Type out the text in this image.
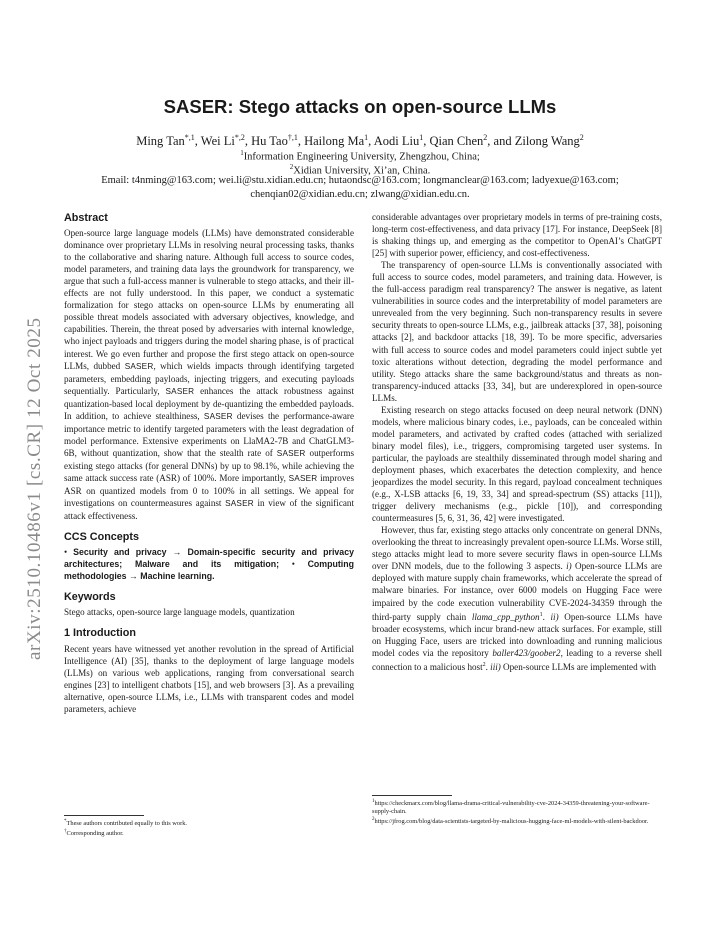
arXiv:2510.10486v1 [cs.CR] 12 Oct 2025
SASER: Stego attacks on open-source LLMs
Ming Tan$^{*,1}$, Wei $Li^{*,2}$, Hu Tao$^{\dagger,1}$, Hailong Ma$^1$, Aodi Liu$^1$, Qian Chen$^2$, and Zilong Wang$^2$
$^1$Information Engineering University, Zhengzhou, China;
$^2$Xidian University, Xi’an, China.
Email: t4nming@163.com; wei.li@stu.xidian.edu.cn; hutaondsc@163.com; longmanclear@163.com; ladyexue@163.com;
chenqian02@xidian.edu.cn; zlwang@xidian.edu.cn.
Abstract

Open-source large language models (LLMs) have demonstrated considerable dominance over proprietary LLMs in resolving neural processing tasks, thanks to the collaborative and sharing nature. Although full access to source codes, model parameters, and training data lays the groundwork for transparency, we argue that such a full-access manner is vulnerable to stego attacks, and their ill-effects are not fully understood. In this paper, we conduct a systematic formalization for stego attacks on open-source LLMs by enumerating all possible threat models associated with adversary objectives, knowledge, and capabilities. Therein, the threat posed by adversaries with internal knowledge, who inject payloads and triggers during the model sharing phase, is of practical interest. We go even further and propose the first stego attack on open-source LLMs, dubbed SASER, which wields impacts through identifying targeted parameters, embedding payloads, injecting triggers, and executing payloads sequentially. Particularly, SASER enhances the attack robustness against quantization-based local deployment by de-quantizing the embedded payloads. In addition, to achieve stealthiness, SASER devises the performance-aware importance metric to identify targeted parameters with the least degradation of model performance. Extensive experiments on LlaMA2-7B and ChatGLM3-6B, without quantization, show that the stealth rate of SASER outperforms existing stego attacks (for general DNNs) by up to 98.1%, while achieving the same attack success rate (ASR) of 100%. More importantly, SASER improves ASR on quantized models from 0 to 100% in all settings. We appeal for investigations on countermeasures against SASER in view of the significant attack effectiveness.

CCS Concepts

• Security and privacy → Domain-specific security and privacy architectures; Malware and its mitigation; • Computing methodologies → Machine learning.

Keywords

Stego attacks, open-source large language models, quantization

1 Introduction

Recent years have witnessed yet another revolution in the spread of Artificial Intelligence (AI) [35], thanks to the deployment of large language models (LLMs) on various web applications, ranging from conversational search engines [23] to intelligent chatbots [15], and web browsers [3]. As a prevailing alternative, open-source LLMs, i.e., LLMs with transparent codes and model parameters, achieve

considerable advantages over proprietary models in terms of pre-training costs, long-term cost-effectiveness, and data privacy [17]. For instance, DeepSeek [8] is shaking things up, and emerging as the competitor to OpenAI’s ChatGPT [25] with superior power, efficiency, and cost-effectiveness.

The transparency of open-source LLMs is conventionally associated with full access to source codes, model parameters, and training data. However, is the full-access paradigm real transparency? The answer is negative, as latent vulnerabilities in source codes and the interpretability of model parameters are unrevealed from the very beginning. Such non-transparency results in severe security threats to open-source LLMs, e.g., jailbreak attacks [37, 38], poisoning attacks [2], and backdoor attacks [18, 39]. To be more specific, adversaries with full access to source codes and model parameters could inject subtle yet toxic alterations without detection, degrading the model performance and utility. Stego attacks share the same background/status and threats as non-transparency-induced attacks [33, 34], but are underexplored in open-source LLMs.

Existing research on stego attacks focused on deep neural network (DNN) models, where malicious binary codes, i.e., payloads, can be concealed within model parameters, and activated by crafted codes (attached with serialized binary model files), i.e., triggers, compromising targeted user systems. In particular, the payloads are stealthily disseminated through model sharing and deployment phases, which exacerbates the detection complexity, and hence jeopardizes the model security. In this regard, payload concealment techniques (e.g., X-LSB attacks [6, 19, 33, 34] and spread-spectrum (SS) attacks [11]), trigger delivery mechanisms (e.g., pickle [10]), and corresponding countermeasures [5, 6, 31, 36, 42] were investigated.

However, thus far, existing stego attacks only concentrate on general DNNs, overlooking the threat to increasingly prevalent open-source LLMs. Worse still, stego attacks might lead to more severe security flaws in open-source LLMs over DNN models, due to the following 3 aspects. i) Open-source LLMs are deployed with mature supply chain frameworks, which accelerate the spread of malware binaries. For instance, over 6000 models on Hugging Face were impaired by the code execution vulnerability CVE-2024-34359 through the third-party supply chain llama_cpp_python$^1$. ii) Open-source LLMs have broader ecosystems, which incur brand-new attack surfaces. For example, still on Hugging Face, users are tricked into downloading and running malicious model codes via the repository baller423/goober2, leading to a reverse shell connection to a malicious host$^2$. iii) Open-source LLMs are implemented with

*These authors contributed equally to this work.
†Corresponding author.
$^1$https://checkmarx.com/blog/llama-drama-critical-vulnerability-cve-2024-34359-threatening-your-software-supply-chain.
$^2$https://jfrog.com/blog/data-scientists-targeted-by-malicious-hugging-face-ml-models-with-silent-backdoor.
